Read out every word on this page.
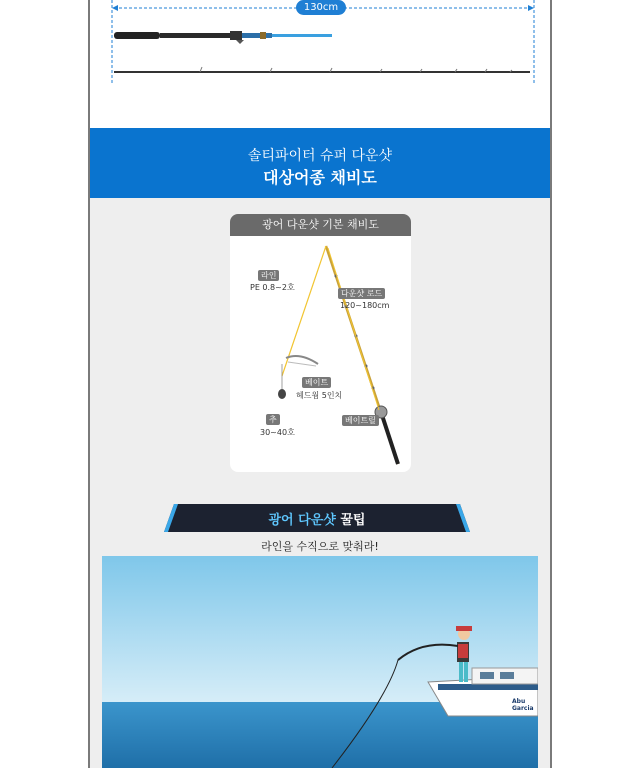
130cm
솔티파이터 슈퍼 다운샷
대상어종 채비도
광어 다운샷 기본 채비도
라인
PE 0.8~2호
다운샷 로드
120~180cm
베이트
헤드웜 5인치
추
30~40호
베이트릴
광어 다운샷 꿀팁
라인을 수직으로 맞춰라!
Abu Garcia
